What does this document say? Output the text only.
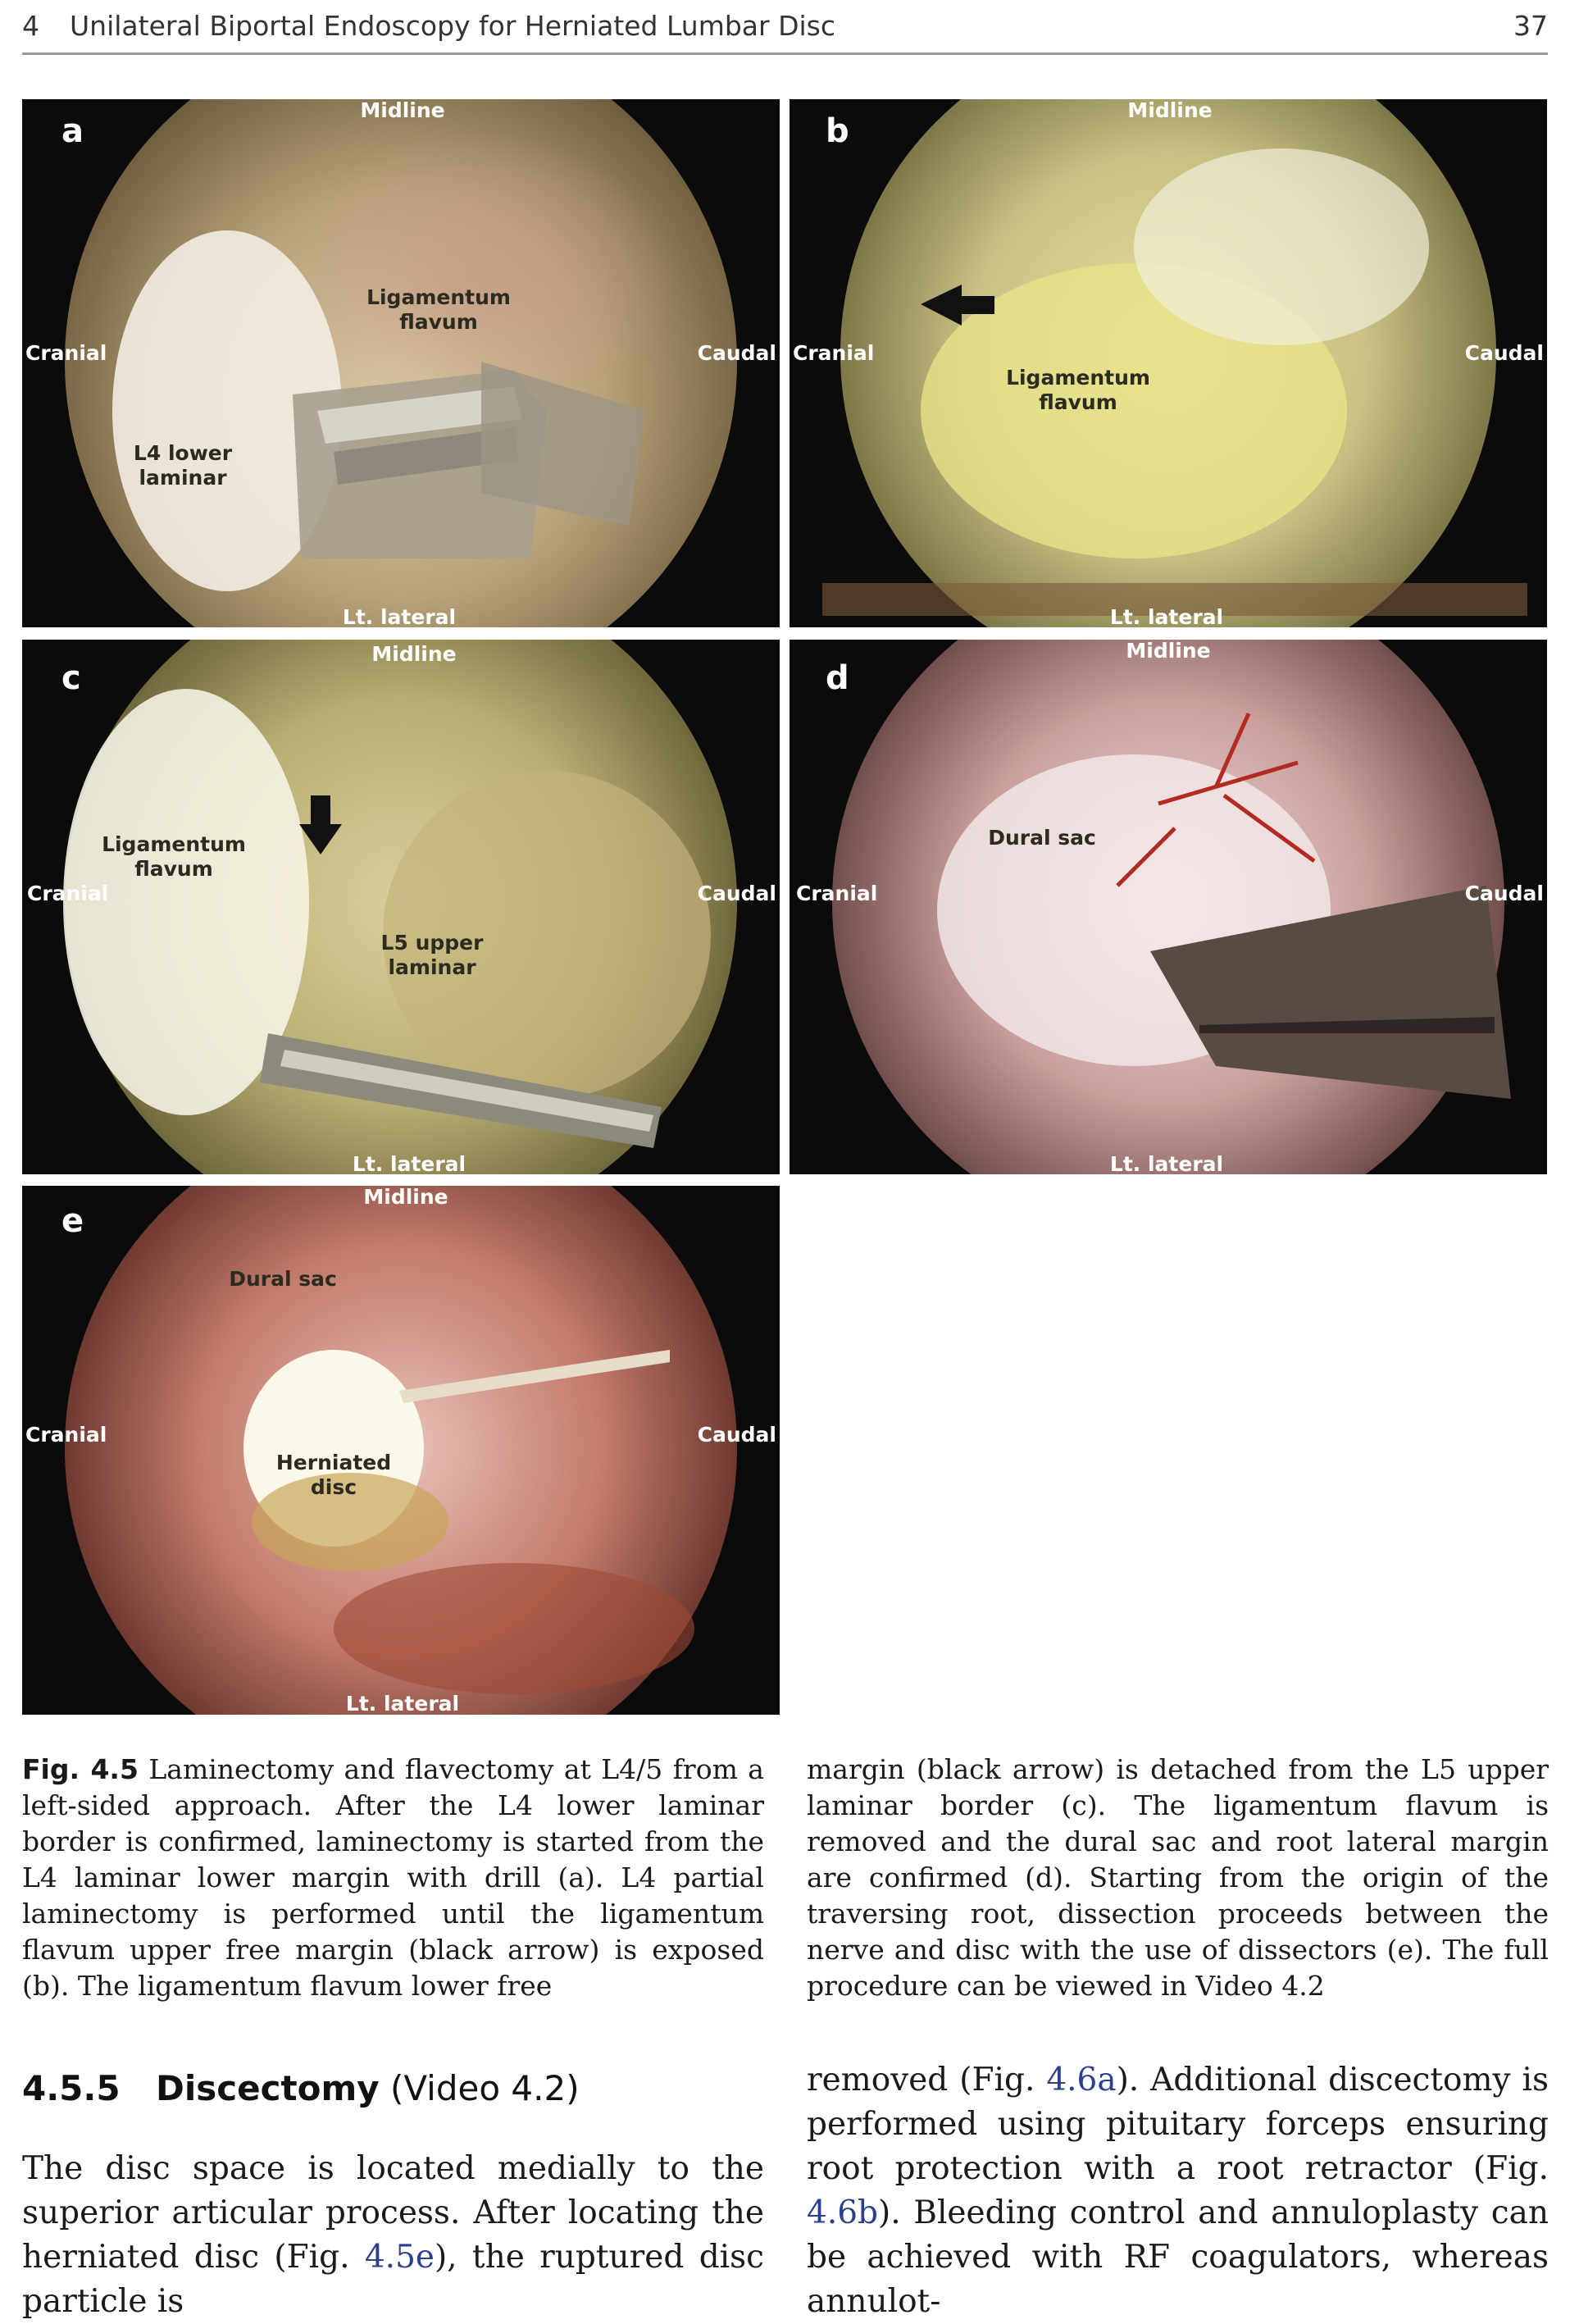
4 Unilateral Biportal Endoscopy for Herniated Lumbar Disc	37
a
Midline
Cranial	Caudal
Lt. lateral
Ligamentum
flavum
L4 lower
laminar
b
Midline
Cranial	Caudal
Lt. lateral
Ligamentum
flavum
c
Midline
Cranial	Caudal
Lt. lateral
Ligamentum
flavum
L5 upper
laminar
d
Midline
Cranial	Caudal
Lt. lateral
Dural sac
e
Midline
Cranial	Caudal
Lt. lateral
Dural sac
Herniated
disc
Fig. 4.5 Laminectomy and flavectomy at L4/5 from a left-sided approach. After the L4 lower laminar border is confirmed, laminectomy is started from the L4 laminar lower margin with drill (a). L4 partial laminectomy is performed until the ligamentum flavum upper free margin (black arrow) is exposed (b). The ligamentum flavum lower free
margin (black arrow) is detached from the L5 upper laminar border (c). The ligamentum flavum is removed and the dural sac and root lateral margin are confirmed (d). Starting from the origin of the traversing root, dissection proceeds between the nerve and disc with the use of dissectors (e). The full procedure can be viewed in Video 4.2
4.5.5 Discectomy (Video 4.2)
The disc space is located medially to the superior articular process. After locating the herniated disc (Fig. 4.5e), the ruptured disc particle is
removed (Fig. 4.6a). Additional discectomy is performed using pituitary forceps ensuring root protection with a root retractor (Fig. 4.6b). Bleeding control and annuloplasty can be achieved with RF coagulators, whereas annulot-
